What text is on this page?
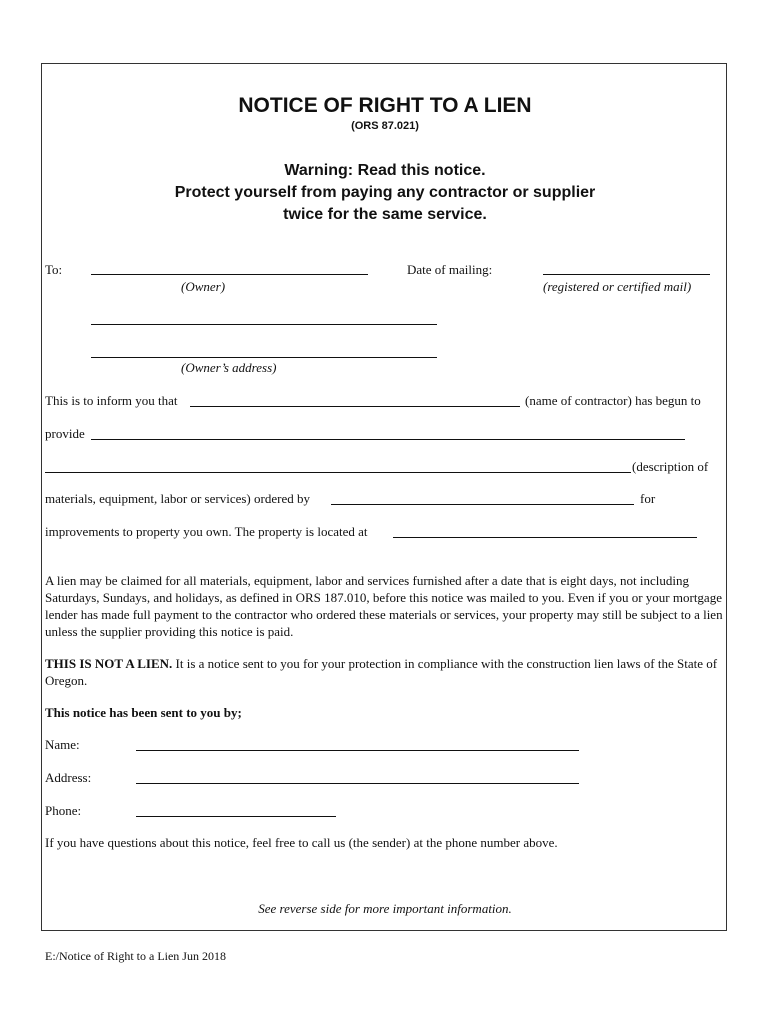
NOTICE OF RIGHT TO A LIEN
(ORS 87.021)
Warning: Read this notice.
Protect yourself from paying any contractor or supplier
twice for the same service.
To:	Date of mailing:
(Owner)	(registered or certified mail)
(Owner’s address)
This is to inform you that	(name of contractor) has begun to
provide
(description of
materials, equipment, labor or services) ordered by	for
improvements to property you own. The property is located at
A lien may be claimed for all materials, equipment, labor and services furnished after a date that is eight days, not including Saturdays, Sundays, and holidays, as defined in ORS 187.010, before this notice was mailed to you. Even if you or your mortgage lender has made full payment to the contractor who ordered these materials or services, your property may still be subject to a lien unless the supplier providing this notice is paid.
THIS IS NOT A LIEN. It is a notice sent to you for your protection in compliance with the construction lien laws of the State of Oregon.
This notice has been sent to you by;
Name:
Address:
Phone:
If you have questions about this notice, feel free to call us (the sender) at the phone number above.
See reverse side for more important information.
E:/Notice of Right to a Lien Jun 2018
